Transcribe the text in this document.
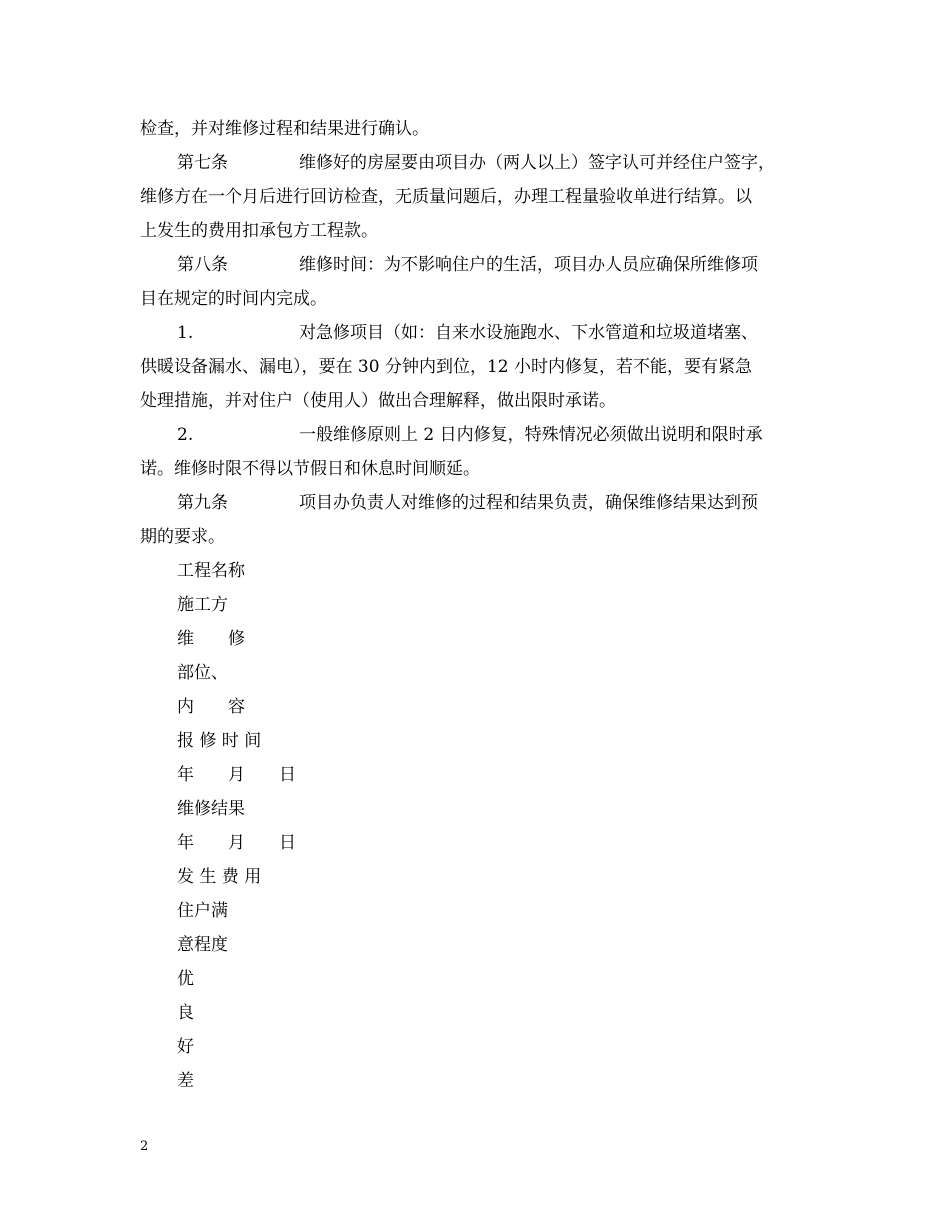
检查，并对维修过程和结果进行确认。
第七条	维修好的房屋要由项目办（两人以上）签字认可并经住户签字，
维修方在一个月后进行回访检查，无质量问题后，办理工程量验收单进行结算。以
上发生的费用扣承包方工程款。
第八条	维修时间：为不影响住户的生活，项目办人员应确保所维修项
目在规定的时间内完成。
1.	对急修项目（如：自来水设施跑水、下水管道和垃圾道堵塞、
供暖设备漏水、漏电），要在 30 分钟内到位，12 小时内修复，若不能，要有紧急
处理措施，并对住户（使用人）做出合理解释，做出限时承诺。
2.	一般维修原则上 2 日内修复，特殊情况必须做出说明和限时承
诺。维修时限不得以节假日和休息时间顺延。
第九条	项目办负责人对维修的过程和结果负责，确保维修结果达到预
期的要求。
工程名称
施工方
维　　修
部位、
内　　容
报 修 时 间
年　　月　　日
维修结果
年　　月　　日
发 生 费 用
住户满
意程度
优
良
好
差
2
